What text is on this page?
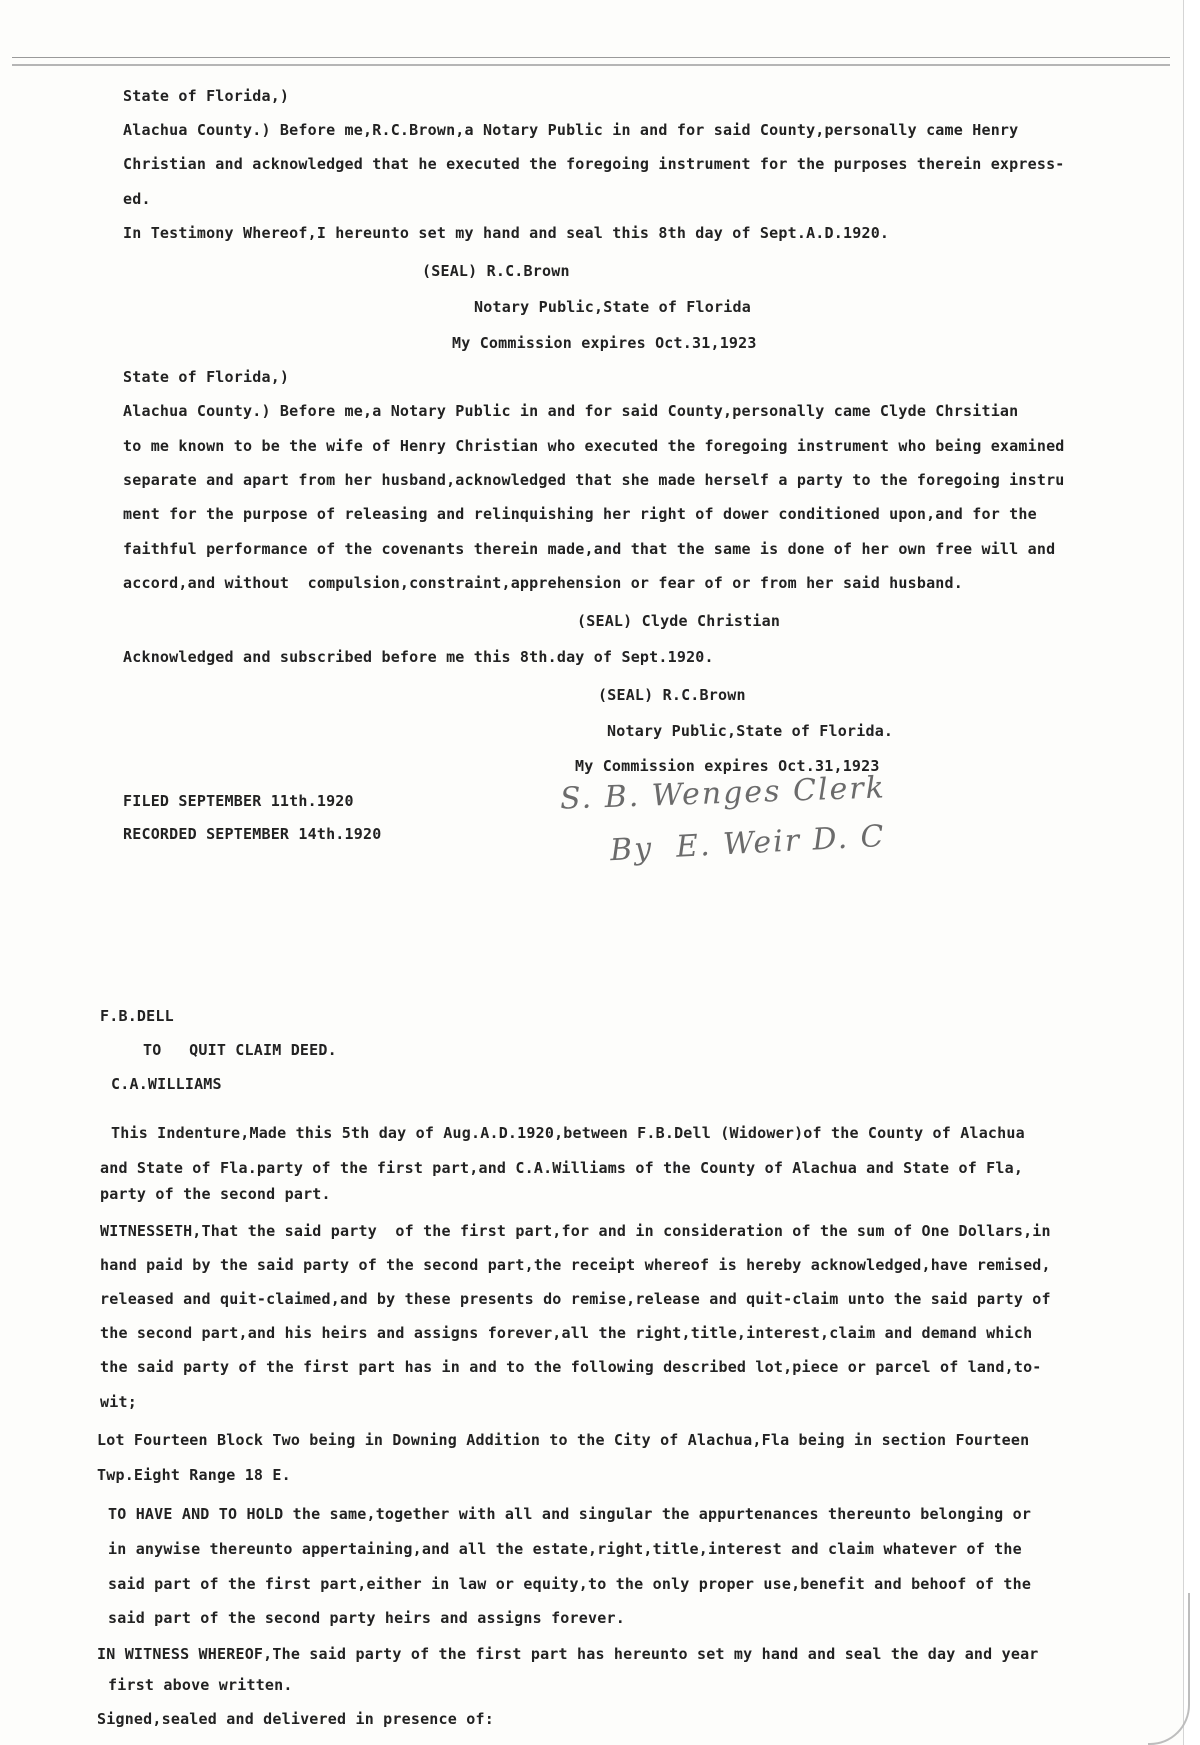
State of Florida,)
Alachua County.) Before me,R.C.Brown,a Notary Public in and for said County,personally came Henry
Christian and acknowledged that he executed the foregoing instrument for the purposes therein express-
ed.
In Testimony Whereof,I hereunto set my hand and seal this 8th day of Sept.A.D.1920.
(SEAL) R.C.Brown
Notary Public,State of Florida
My Commission expires Oct.31,1923
State of Florida,)
Alachua County.) Before me,a Notary Public in and for said County,personally came Clyde Chrsitian
to me known to be the wife of Henry Christian who executed the foregoing instrument who being examined
separate and apart from her husband,acknowledged that she made herself a party to the foregoing instru
ment for the purpose of releasing and relinquishing her right of dower conditioned upon,and for the
faithful performance of the covenants therein made,and that the same is done of her own free will and
accord,and without  compulsion,constraint,apprehension or fear of or from her said husband.
(SEAL) Clyde Christian
Acknowledged and subscribed before me this 8th.day of Sept.1920.
(SEAL) R.C.Brown
Notary Public,State of Florida.
My Commission expires Oct.31,1923
FILED SEPTEMBER 11th.1920
RECORDED SEPTEMBER 14th.1920
S. B. Wenges Clerk
By  E. Weir D. C
F.B.DELL
TO   QUIT CLAIM DEED.
C.A.WILLIAMS
This Indenture,Made this 5th day of Aug.A.D.1920,between F.B.Dell (Widower)of the County of Alachua
and State of Fla.party of the first part,and C.A.Williams of the County of Alachua and State of Fla,
party of the second part.
WITNESSETH,That the said party  of the first part,for and in consideration of the sum of One Dollars,in
hand paid by the said party of the second part,the receipt whereof is hereby acknowledged,have remised,
released and quit-claimed,and by these presents do remise,release and quit-claim unto the said party of
the second part,and his heirs and assigns forever,all the right,title,interest,claim and demand which
the said party of the first part has in and to the following described lot,piece or parcel of land,to-
wit;
Lot Fourteen Block Two being in Downing Addition to the City of Alachua,Fla being in section Fourteen
Twp.Eight Range 18 E.
TO HAVE AND TO HOLD the same,together with all and singular the appurtenances thereunto belonging or
in anywise thereunto appertaining,and all the estate,right,title,interest and claim whatever of the
said part of the first part,either in law or equity,to the only proper use,benefit and behoof of the
said part of the second party heirs and assigns forever.
IN WITNESS WHEREOF,The said party of the first part has hereunto set my hand and seal the day and year
first above written.
Signed,sealed and delivered in presence of:
